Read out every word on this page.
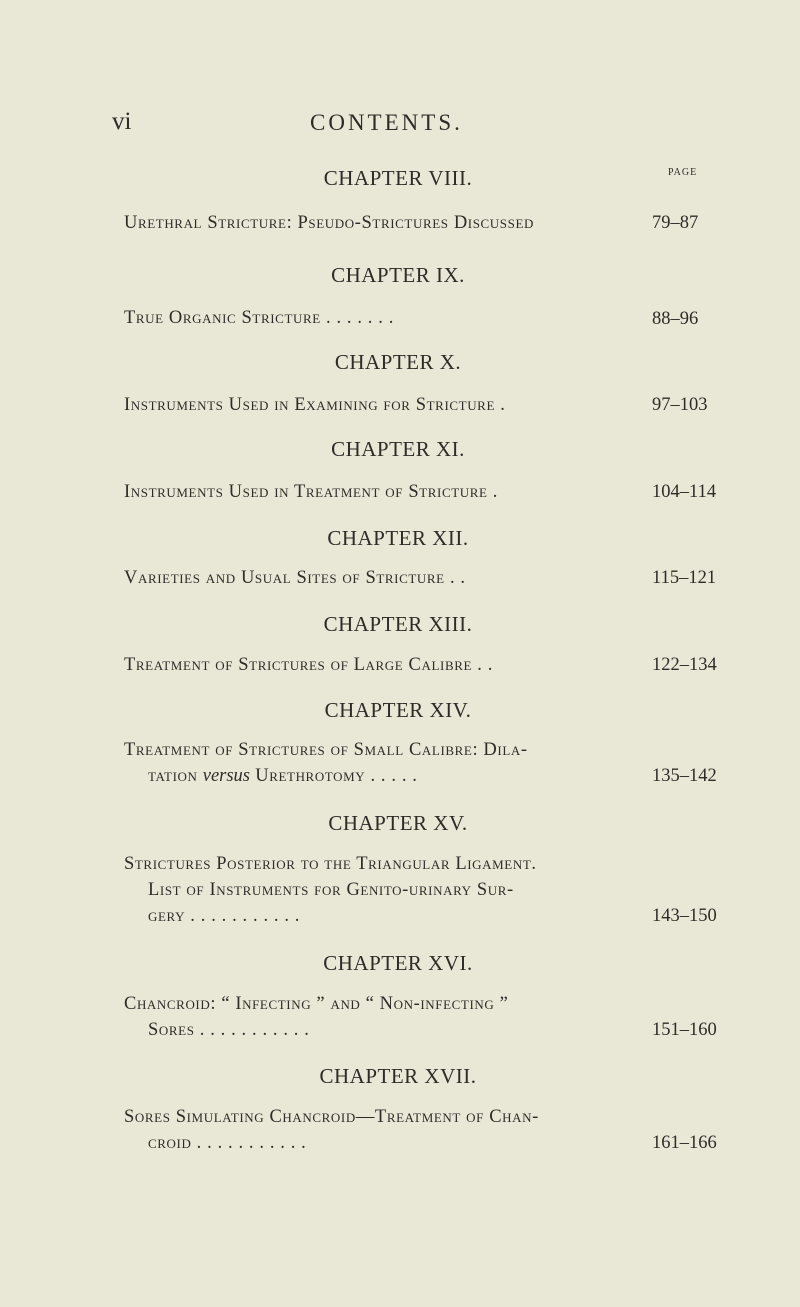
vi	CONTENTS.
PAGE
CHAPTER VIII.
Urethral Stricture: Pseudo-Strictures Discussed	79–87
CHAPTER IX.
True Organic Stricture . . . . . . .	88–96
CHAPTER X.
Instruments Used in Examining for Stricture .	97–103
CHAPTER XI.
Instruments Used in Treatment of Stricture .	104–114
CHAPTER XII.
Varieties and Usual Sites of Stricture . .	115–121
CHAPTER XIII.
Treatment of Strictures of Large Calibre . .	122–134
CHAPTER XIV.
Treatment of Strictures of Small Calibre: Dila-
tation versus Urethrotomy . . . . .	135–142
CHAPTER XV.
Strictures Posterior to the Triangular Ligament.
List of Instruments for Genito-urinary Sur-
gery . . . . . . . . . . .	143–150
CHAPTER XVI.
Chancroid: “ Infecting ” and “ Non-infecting ”
Sores . . . . . . . . . . .	151–160
CHAPTER XVII.
Sores Simulating Chancroid—Treatment of Chan-
croid . . . . . . . . . . .	161–166
